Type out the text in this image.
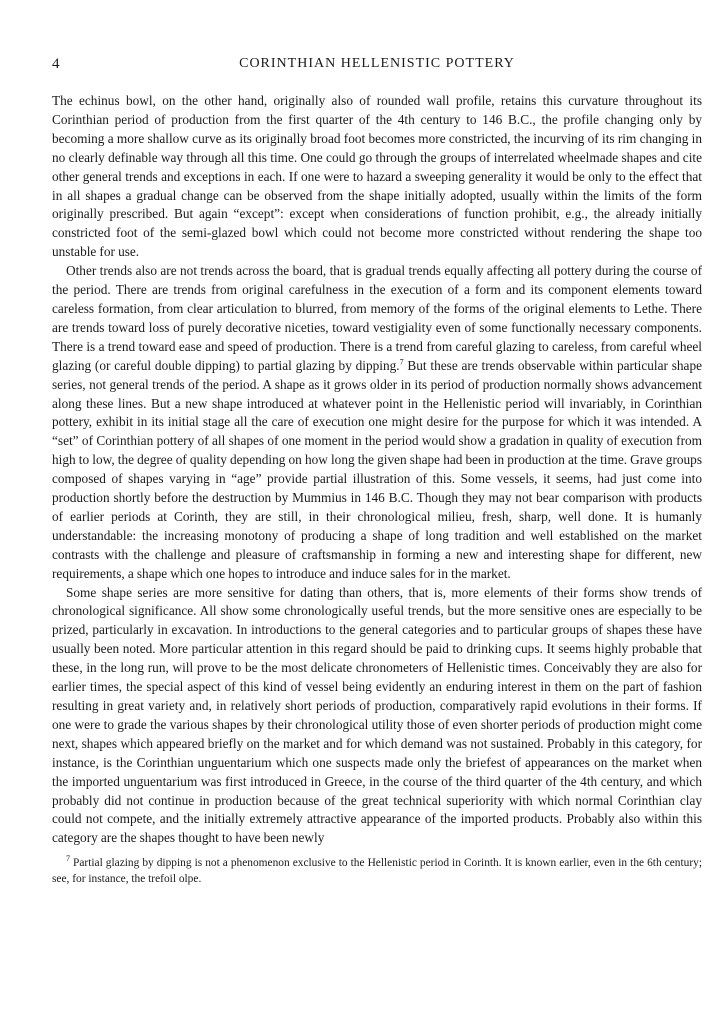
4	CORINTHIAN HELLENISTIC POTTERY

The echinus bowl, on the other hand, originally also of rounded wall profile, retains this curvature throughout its Corinthian period of production from the first quarter of the 4th century to 146 B.C., the profile changing only by becoming a more shallow curve as its originally broad foot becomes more constricted, the incurving of its rim changing in no clearly definable way through all this time. One could go through the groups of interrelated wheelmade shapes and cite other general trends and exceptions in each. If one were to hazard a sweeping generality it would be only to the effect that in all shapes a gradual change can be observed from the shape initially adopted, usually within the limits of the form originally prescribed. But again “except”: except when considerations of function prohibit, e.g., the already initially constricted foot of the semi-glazed bowl which could not become more constricted without rendering the shape too unstable for use.

Other trends also are not trends across the board, that is gradual trends equally affecting all pottery during the course of the period. There are trends from original carefulness in the execution of a form and its component elements toward careless formation, from clear articulation to blurred, from memory of the forms of the original elements to Lethe. There are trends toward loss of purely decorative niceties, toward vestigiality even of some functionally necessary components. There is a trend toward ease and speed of production. There is a trend from careful glazing to careless, from careful wheel glazing (or careful double dipping) to partial glazing by dipping.$^7$ But these are trends observable within particular shape series, not general trends of the period. A shape as it grows older in its period of production normally shows advancement along these lines. But a new shape introduced at whatever point in the Hellenistic period will invariably, in Corinthian pottery, exhibit in its initial stage all the care of execution one might desire for the purpose for which it was intended. A “set” of Corinthian pottery of all shapes of one moment in the period would show a gradation in quality of execution from high to low, the degree of quality depending on how long the given shape had been in production at the time. Grave groups composed of shapes varying in “age” provide partial illustration of this. Some vessels, it seems, had just come into production shortly before the destruction by Mummius in 146 B.C. Though they may not bear comparison with products of earlier periods at Corinth, they are still, in their chronological milieu, fresh, sharp, well done. It is humanly understandable: the increasing monotony of producing a shape of long tradition and well established on the market contrasts with the challenge and pleasure of craftsmanship in forming a new and interesting shape for different, new requirements, a shape which one hopes to introduce and induce sales for in the market.

Some shape series are more sensitive for dating than others, that is, more elements of their forms show trends of chronological significance. All show some chronologically useful trends, but the more sensitive ones are especially to be prized, particularly in excavation. In introductions to the general categories and to particular groups of shapes these have usually been noted. More particular attention in this regard should be paid to drinking cups. It seems highly probable that these, in the long run, will prove to be the most delicate chronometers of Hellenistic times. Conceivably they are also for earlier times, the special aspect of this kind of vessel being evidently an enduring interest in them on the part of fashion resulting in great variety and, in relatively short periods of production, comparatively rapid evolutions in their forms. If one were to grade the various shapes by their chronological utility those of even shorter periods of production might come next, shapes which appeared briefly on the market and for which demand was not sustained. Probably in this category, for instance, is the Corinthian unguentarium which one suspects made only the briefest of appearances on the market when the imported unguentarium was first introduced in Greece, in the course of the third quarter of the 4th century, and which probably did not continue in production because of the great technical superiority with which normal Corinthian clay could not compete, and the initially extremely attractive appearance of the imported products. Probably also within this category are the shapes thought to have been newly

$^7$ Partial glazing by dipping is not a phenomenon exclusive to the Hellenistic period in Corinth. It is known earlier, even in the 6th century; see, for instance, the trefoil olpe.
